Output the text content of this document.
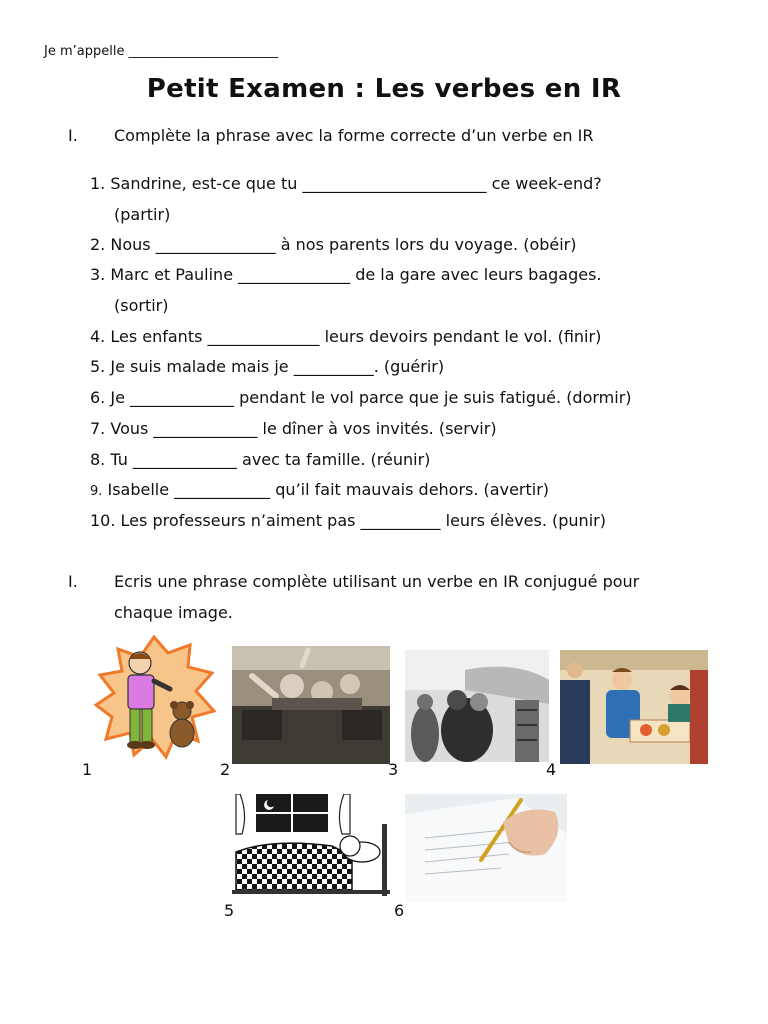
Je m’appelle _______________________
Petit Examen : Les verbes en IR
I. Complète la phrase avec la forme correcte d’un verbe en IR
1. Sandrine, est-ce que tu _______________________ ce week-end?
(partir)
2. Nous _______________ à nos parents lors du voyage. (obéir)
3. Marc et Pauline ______________ de la gare avec leurs bagages.
(sortir)
4. Les enfants ______________ leurs devoirs pendant le vol. (finir)
5. Je suis malade mais je __________. (guérir)
6. Je _____________ pendant le vol parce que je suis fatigué. (dormir)
7. Vous _____________ le dîner à vos invités. (servir)
8. Tu _____________ avec ta famille. (réunir)
9. Isabelle ____________ qu’il fait mauvais dehors. (avertir)
10. Les professeurs n’aiment pas __________ leurs élèves. (punir)
I. Ecris une phrase complète utilisant un verbe en IR conjugué pour
chaque image.
1	2	3	4
5	6
